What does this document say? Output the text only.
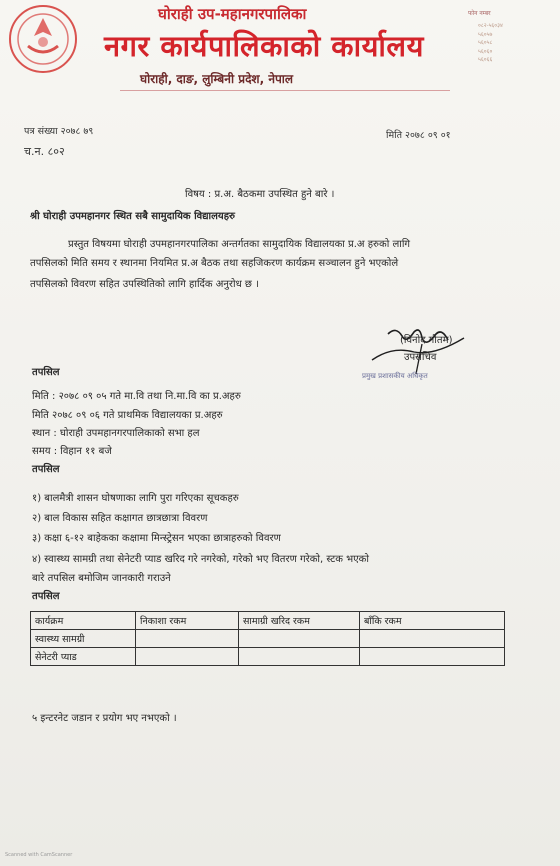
घोराही उप-महानगरपालिका
नगर कार्यपालिकाको कार्यालय
घोराही, दाङ, लुम्बिनी प्रदेश, नेपाल
फोन नम्बर
०८२-५६०३४
५६०५७
५६०५८
५६०६०
५६०६६
पत्र संख्या २०७८ ७९
च.न. ८०२
मिति २०७८ ०९ ०१
विषय : प्र.अ. बैठकमा उपस्थित हुने बारे ।
श्री घोराही उपमहानगर स्थित सबै सामुदायिक विद्यालयहरु
प्रस्तुत विषयमा घोराही उपमहानगरपालिका अन्तर्गतका सामुदायिक विद्यालयका प्र.अ हरुको लागि
तपसिलको मिति समय र स्थानमा नियमित प्र.अ बैठक तथा सहजिकरण कार्यक्रम सञ्चालन हुने भएकोले
तपसिलको विवरण सहित उपस्थितिको लागि हार्दिक अनुरोध छ ।
(विनोद गौतम)
उपसचिव
प्रमुख प्रशासकीय अधिकृत
तपसिल
मिति : २०७८ ०९ ०५ गते मा.वि तथा नि.मा.वि का प्र.अहरु
मिति २०७८ ०९ ०६ गते प्राथमिक विद्यालयका प्र.अहरु
स्थान : घोराही उपमहानगरपालिकाको सभा हल
समय : विहान ११ बजे
तपसिल
१) बालमैत्री शासन घोषणाका लागि पुरा गरिएका सूचकहरु
२) बाल विकास सहित कक्षागत छात्रछात्रा विवरण
३) कक्षा ६-१२ बाहेकका कक्षामा मिन्स्ट्रेसन भएका छात्राहरुको विवरण
४) स्वास्थ्य सामग्री तथा सेनेटरी प्याड खरिद गरे नगरेको, गरेको भए वितरण गरेको, स्टक भएको
बारे तपसिल बमोजिम जानकारी गराउने
तपसिल
कार्यक्रम	निकाशा रकम	सामाग्री खरिद रकम	बाँकि रकम
स्वास्थ्य सामग्री			
सेनेटरी प्याड			
५ इन्टरनेट जडान र प्रयोग भए नभएको ।
Scanned with CamScanner
